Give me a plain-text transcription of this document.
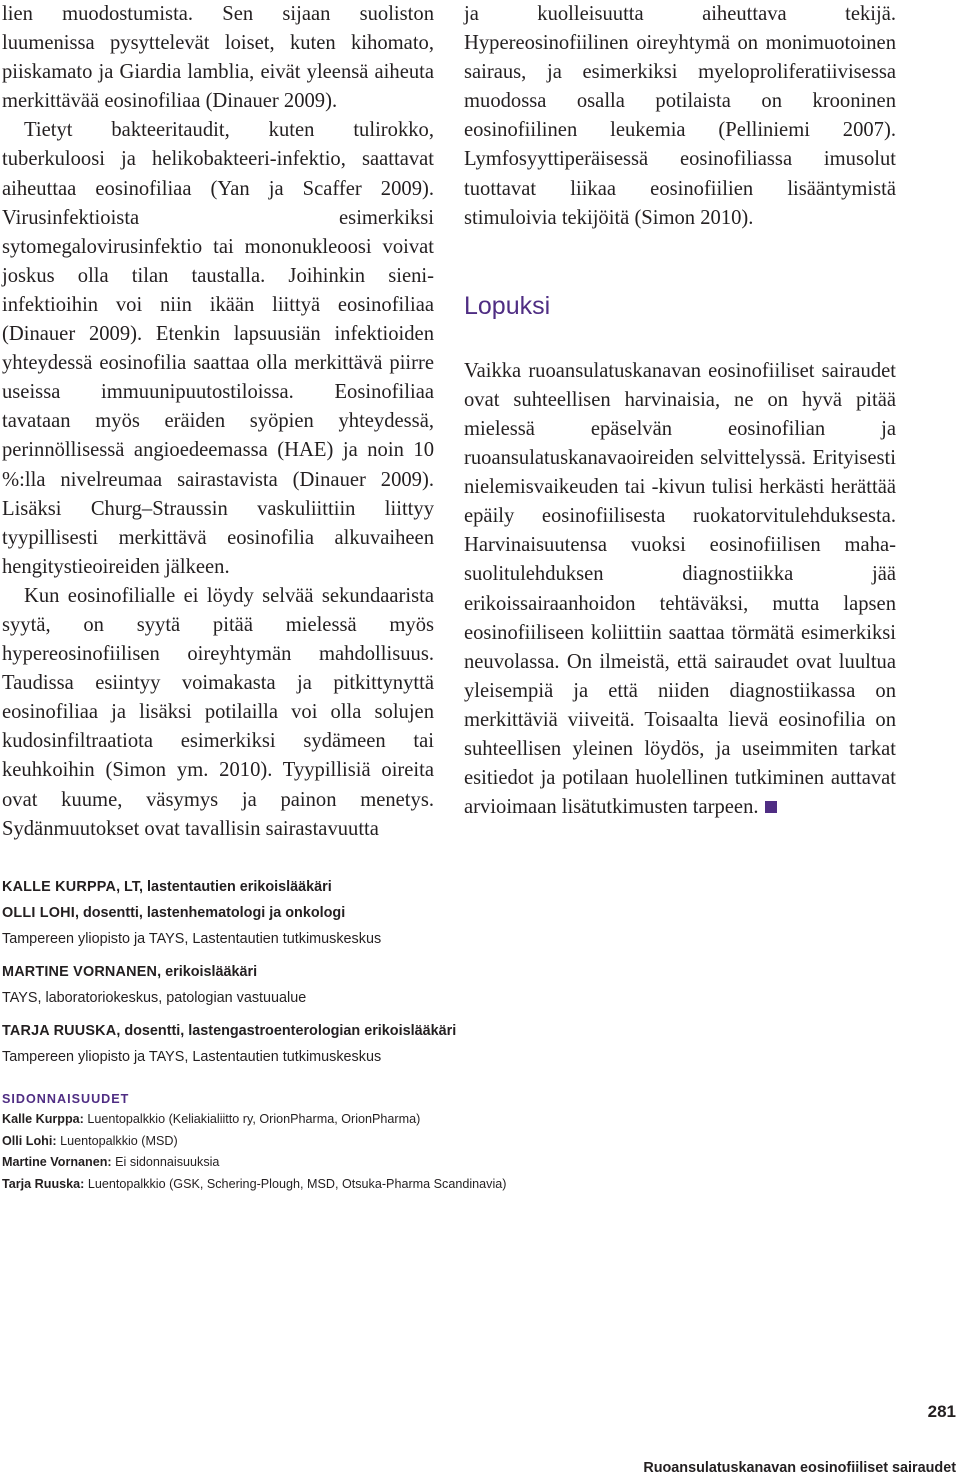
lien muodostumista. Sen sijaan suoliston luumenissa pysyttelevät loiset, kuten kihomato, piiskamato ja Giardia lamblia, eivät yleensä aiheuta merkittävää eosinofiliaa (Dinauer 2009).

Tietyt bakteeritaudit, kuten tulirokko, tuberkuloosi ja helikobakteeri-infektio, saattavat aiheuttaa eosinofiliaa (Yan ja Scaffer 2009). Virusinfektioista esimerkiksi sytomegalovirusinfektio tai mononukleoosi voivat joskus olla tilan taustalla. Joihinkin sieni-infektioihin voi niin ikään liittyä eosinofiliaa (Dinauer 2009). Etenkin lapsuusiän infektioiden yhteydessä eosinofilia saattaa olla merkittävä piirre useissa immuunipuutostiloissa. Eosinofiliaa tavataan myös eräiden syöpien yhteydessä, perinnöllisessä angioedeemassa (HAE) ja noin 10 %:lla nivelreumaa sairastavista (Dinauer 2009). Lisäksi Churg–Straussin vaskuliittiin liittyy tyypillisesti merkittävä eosinofilia alkuvaiheen hengitystieoireiden jälkeen.

Kun eosinofilialle ei löydy selvää sekundaarista syytä, on syytä pitää mielessä myös hypereosinofiilisen oireyhtymän mahdollisuus. Taudissa esiintyy voimakasta ja pitkittynyttä eosinofiliaa ja lisäksi potilailla voi olla solujen kudosinfiltraatiota esimerkiksi sydämeen tai keuhkoihin (Simon ym. 2010). Tyypillisiä oireita ovat kuume, väsymys ja painon menetys. Sydänmuutokset ovat tavallisin sairastavuutta

ja kuolleisuutta aiheuttava tekijä. Hypereosinofiilinen oireyhtymä on monimuotoinen sairaus, ja esimerkiksi myeloproliferatiivisessa muodossa osalla potilaista on krooninen eosinofiilinen leukemia (Pelliniemi 2007). Lymfosyyttiperäisessä eosinofiliassa imusolut tuottavat liikaa eosinofiilien lisääntymistä stimuloivia tekijöitä (Simon 2010).

Lopuksi

Vaikka ruoansulatuskanavan eosinofiiliset sairaudet ovat suhteellisen harvinaisia, ne on hyvä pitää mielessä epäselvän eosinofilian ja ruoansulatuskanavaoireiden selvittelyssä. Erityisesti nielemisvaikeuden tai -kivun tulisi herkästi herättää epäily eosinofiilisesta ruokatorvitulehduksesta. Harvinaisuutensa vuoksi eosinofiilisen maha-suolitulehduksen diagnostiikka jää erikoissairaanhoidon tehtäväksi, mutta lapsen eosinofiiliseen koliittiin saattaa törmätä esimerkiksi neuvolassa. On ilmeistä, että sairaudet ovat luultua yleisempiä ja että niiden diagnostiikassa on merkittäviä viiveitä. Toisaalta lievä eosinofilia on suhteellisen yleinen löydös, ja useimmiten tarkat esitiedot ja potilaan huolellinen tutkiminen auttavat arvioimaan lisätutkimusten tarpeen.

KALLE KURPPA, LT, lastentautien erikoislääkäri
OLLI LOHI, dosentti, lastenhematologi ja onkologi
Tampereen yliopisto ja TAYS, Lastentautien tutkimuskeskus
MARTINE VORNANEN, erikoislääkäri
TAYS, laboratoriokeskus, patologian vastuualue
TARJA RUUSKA, dosentti, lastengastroenterologian erikoislääkäri
Tampereen yliopisto ja TAYS, Lastentautien tutkimuskeskus
SIDONNAISUUDET
Kalle Kurppa: Luentopalkkio (Keliakialiitto ry, OrionPharma, OrionPharma)
Olli Lohi: Luentopalkkio (MSD)
Martine Vornanen: Ei sidonnaisuuksia
Tarja Ruuska: Luentopalkkio (GSK, Schering-Plough, MSD, Otsuka-Pharma Scandinavia)
281
Ruoansulatuskanavan eosinofiiliset sairaudet
